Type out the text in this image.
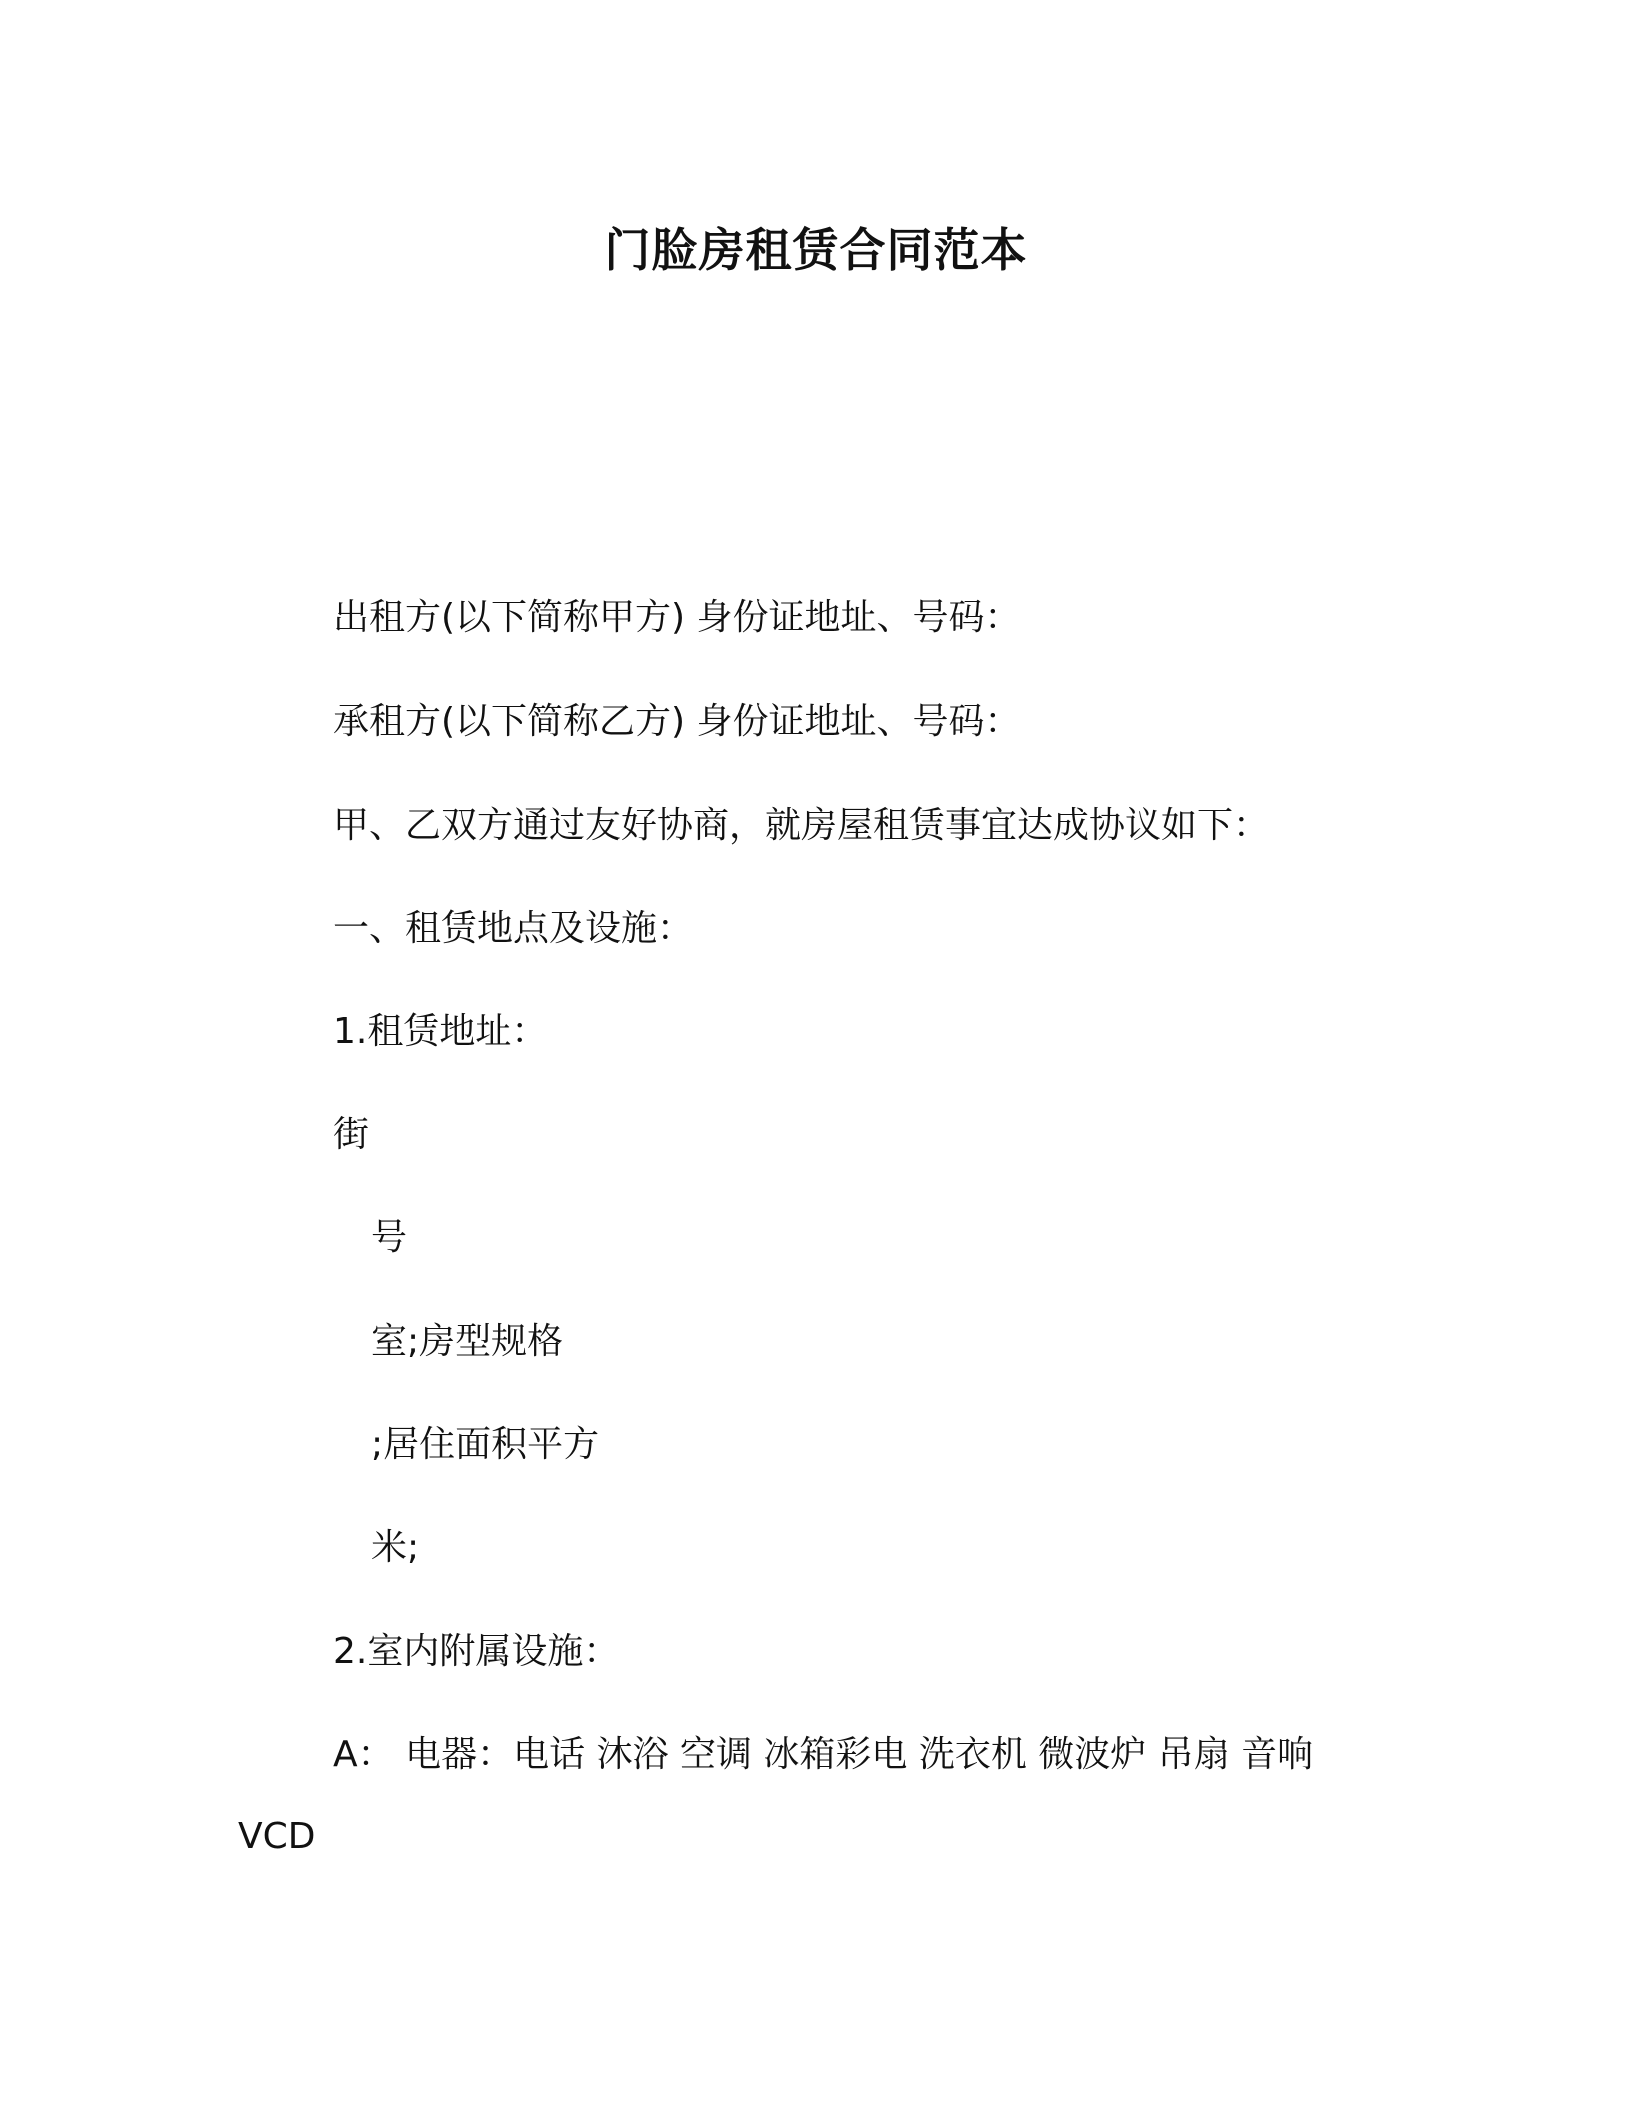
门脸房租赁合同范本
出租方(以下简称甲方) 身份证地址、号码：
承租方(以下简称乙方) 身份证地址、号码：
甲、乙双方通过友好协商，就房屋租赁事宜达成协议如下：
一、租赁地点及设施：
1.租赁地址：
街
号
室;房型规格
;居住面积平方
米;
2.室内附属设施：
A： 电器：电话 沐浴 空调 冰箱彩电 洗衣机 微波炉 吊扇 音响
VCD
